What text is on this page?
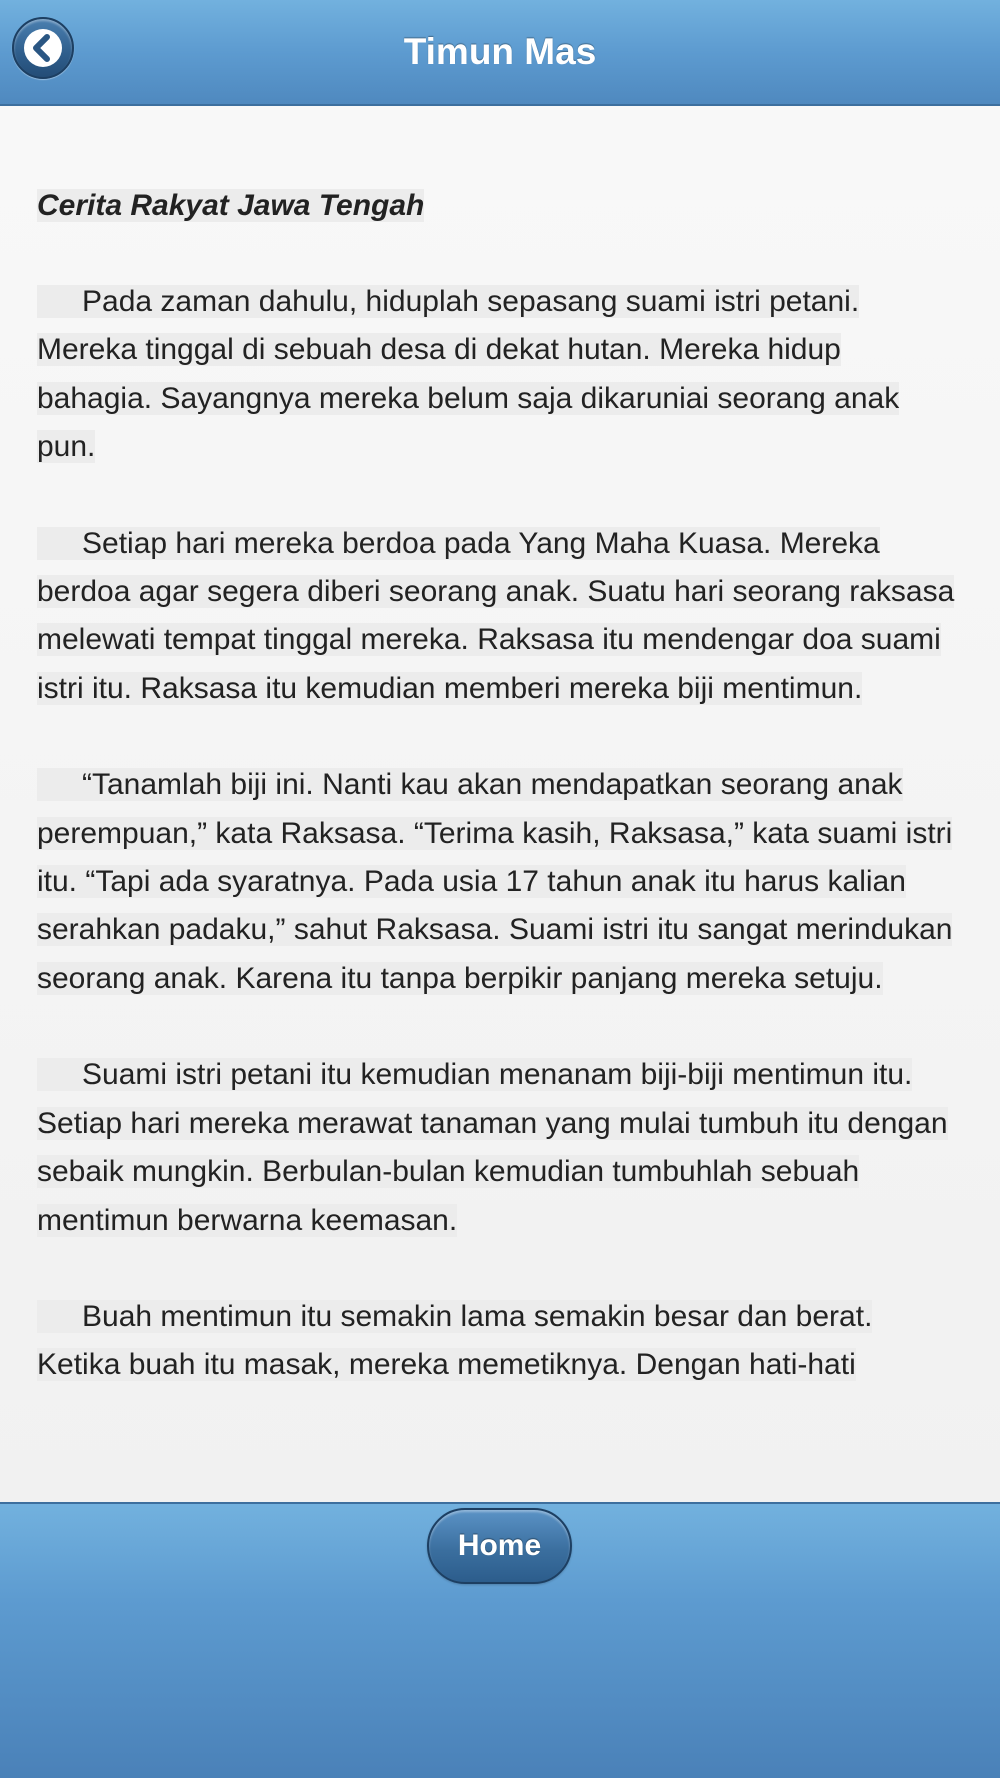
Timun Mas
Cerita Rakyat Jawa Tengah

  Pada zaman dahulu, hiduplah sepasang suami istri petani. Mereka tinggal di sebuah desa di dekat hutan. Mereka hidup bahagia. Sayangnya mereka belum saja dikaruniai seorang anak pun.

  Setiap hari mereka berdoa pada Yang Maha Kuasa. Mereka berdoa agar segera diberi seorang anak. Suatu hari seorang raksasa melewati tempat tinggal mereka. Raksasa itu mendengar doa suami istri itu. Raksasa itu kemudian memberi mereka biji mentimun.

  “Tanamlah biji ini. Nanti kau akan mendapatkan seorang anak perempuan,” kata Raksasa. “Terima kasih, Raksasa,” kata suami istri itu. “Tapi ada syaratnya. Pada usia 17 tahun anak itu harus kalian serahkan padaku,” sahut Raksasa. Suami istri itu sangat merindukan seorang anak. Karena itu tanpa berpikir panjang mereka setuju.

  Suami istri petani itu kemudian menanam biji-biji mentimun itu. Setiap hari mereka merawat tanaman yang mulai tumbuh itu dengan sebaik mungkin. Berbulan-bulan kemudian tumbuhlah sebuah mentimun berwarna keemasan.

  Buah mentimun itu semakin lama semakin besar dan berat. Ketika buah itu masak, mereka memetiknya. Dengan hati-hati

Home
